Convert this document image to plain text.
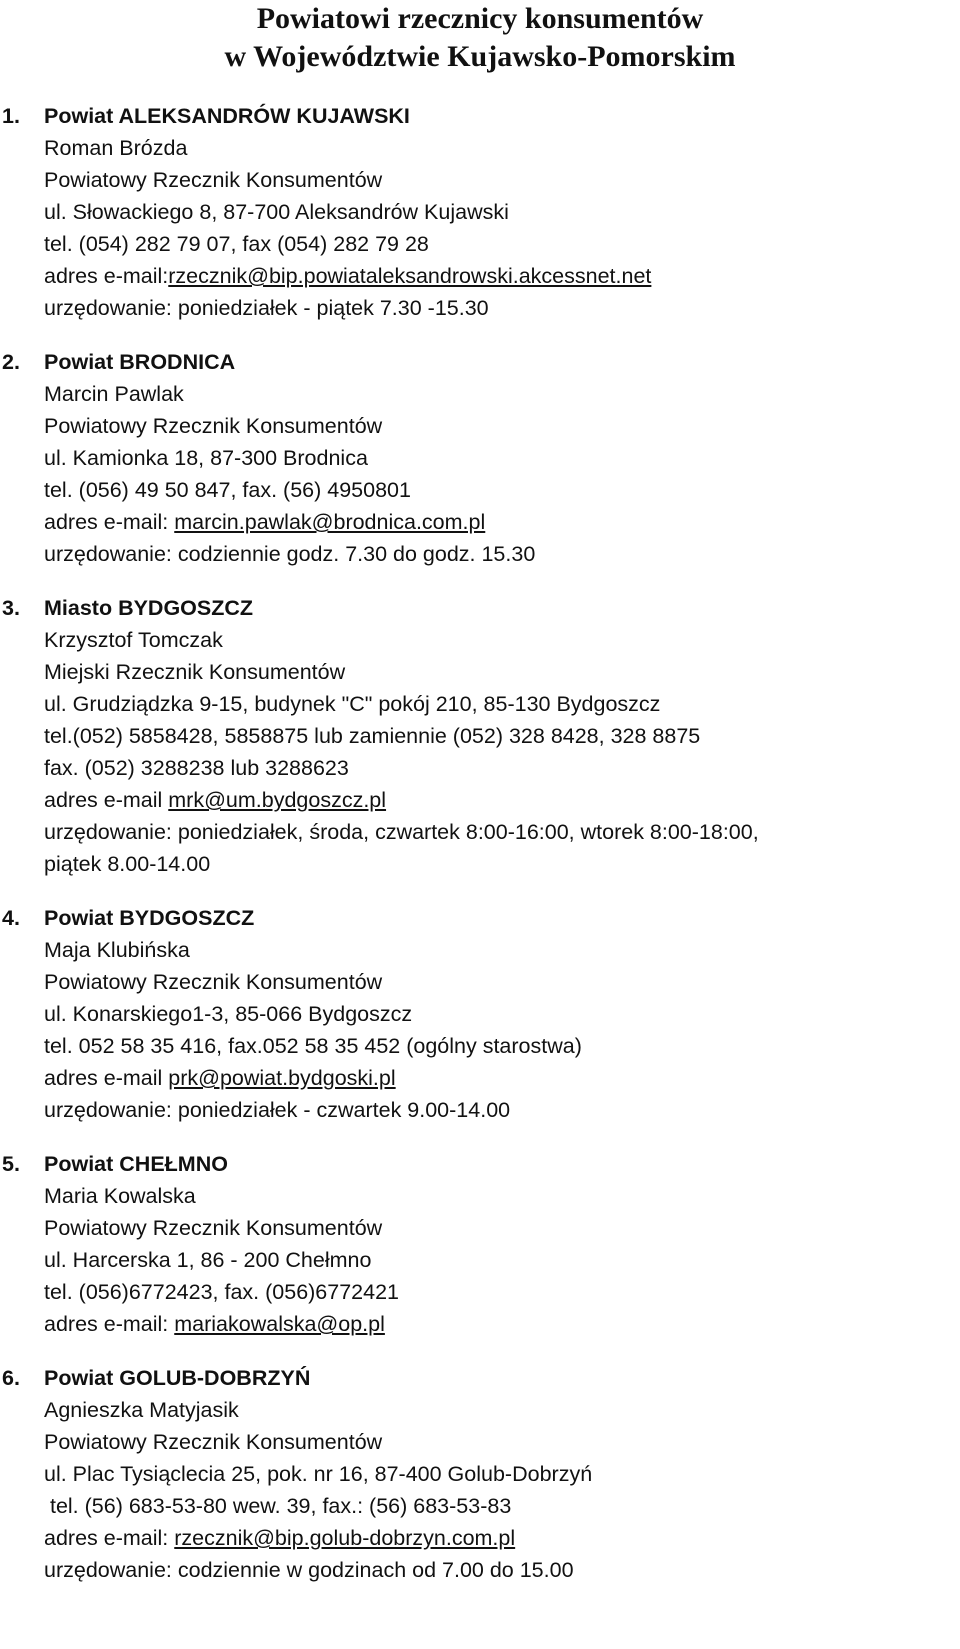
Powiatowi rzecznicy konsumentów
w Województwie Kujawsko-Pomorskim
1.	Powiat ALEKSANDRÓW KUJAWSKI
Roman Brózda
Powiatowy Rzecznik Konsumentów
ul. Słowackiego 8, 87-700 Aleksandrów Kujawski
tel. (054) 282 79 07, fax (054) 282 79 28
adres e-mail:rzecznik@bip.powiataleksandrowski.akcessnet.net
urzędowanie: poniedziałek - piątek 7.30 -15.30
2.	Powiat BRODNICA
Marcin Pawlak
Powiatowy Rzecznik Konsumentów
ul. Kamionka 18, 87-300 Brodnica
tel. (056) 49 50 847, fax. (56) 4950801
adres e-mail: marcin.pawlak@brodnica.com.pl
urzędowanie: codziennie godz. 7.30 do godz. 15.30
3.	Miasto BYDGOSZCZ
Krzysztof Tomczak
Miejski Rzecznik Konsumentów
ul. Grudziądzka 9-15, budynek "C" pokój 210, 85-130 Bydgoszcz
tel.(052) 5858428, 5858875 lub zamiennie (052) 328 8428, 328 8875
fax. (052) 3288238 lub 3288623
adres e-mail mrk@um.bydgoszcz.pl
urzędowanie: poniedziałek, środa, czwartek 8:00-16:00, wtorek 8:00-18:00,
piątek 8.00-14.00
4.	Powiat BYDGOSZCZ
Maja Klubińska
Powiatowy Rzecznik Konsumentów
ul. Konarskiego1-3, 85-066 Bydgoszcz
tel. 052 58 35 416, fax.052 58 35 452 (ogólny starostwa)
adres e-mail prk@powiat.bydgoski.pl
urzędowanie: poniedziałek - czwartek 9.00-14.00
5.	Powiat CHEŁMNO
Maria Kowalska
Powiatowy Rzecznik Konsumentów
ul. Harcerska 1, 86 - 200 Chełmno
tel. (056)6772423, fax. (056)6772421
adres e-mail: mariakowalska@op.pl
6.	Powiat GOLUB-DOBRZYŃ
Agnieszka Matyjasik
Powiatowy Rzecznik Konsumentów
ul. Plac Tysiąclecia 25, pok. nr 16, 87-400 Golub-Dobrzyń
tel. (56) 683-53-80 wew. 39, fax.: (56) 683-53-83
adres e-mail: rzecznik@bip.golub-dobrzyn.com.pl
urzędowanie: codziennie w godzinach od 7.00 do 15.00
